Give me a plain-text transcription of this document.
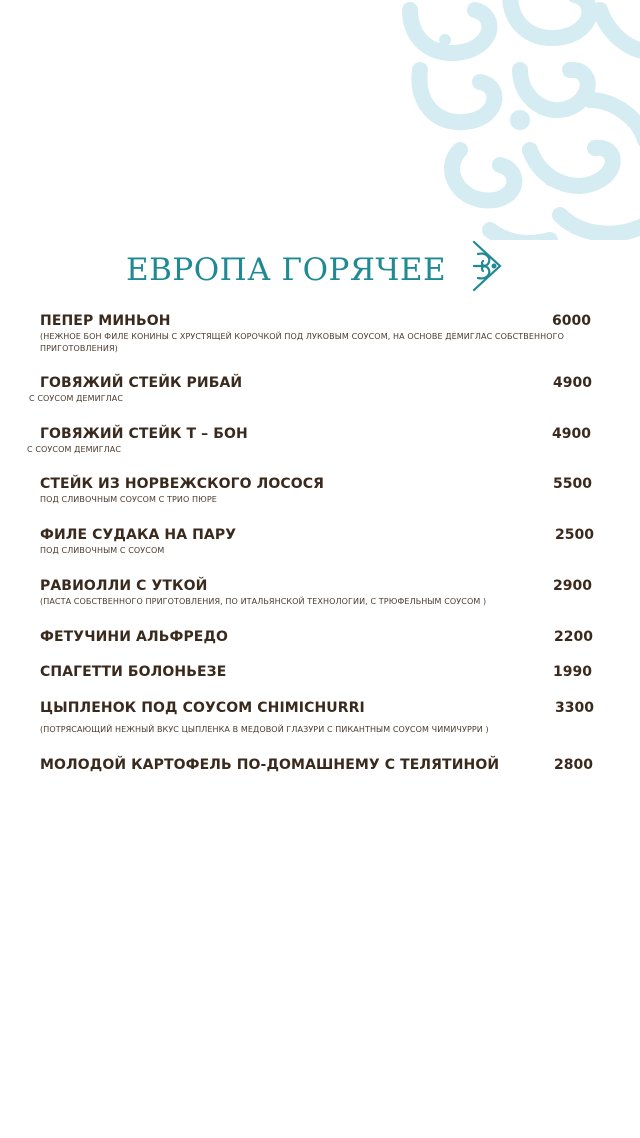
ЕВРОПА ГОРЯЧЕЕ
ПЕПЕР МИНЬОН	6000
(НЕЖНОЕ БОН ФИЛЕ КОНИНЫ С ХРУСТЯЩЕЙ КОРОЧКОЙ ПОД ЛУКОВЫМ СОУСОМ, НА ОСНОВЕ ДЕМИГЛАС СОБСТВЕННОГО ПРИГОТОВЛЕНИЯ)
ГОВЯЖИЙ СТЕЙК РИБАЙ	4900
С СОУСОМ ДЕМИГЛАС
ГОВЯЖИЙ СТЕЙК Т – БОН	4900
С СОУСОМ ДЕМИГЛАС
СТЕЙК ИЗ НОРВЕЖСКОГО ЛОСОСЯ	5500
ПОД СЛИВОЧНЫМ СОУСОМ С ТРИО ПЮРЕ
ФИЛЕ СУДАКА НА ПАРУ	2500
ПОД СЛИВОЧНЫМ С СОУСОМ
РАВИОЛЛИ С УТКОЙ	2900
(ПАСТА СОБСТВЕННОГО ПРИГОТОВЛЕНИЯ, ПО ИТАЛЬЯНСКОЙ ТЕХНОЛОГИИ, С ТРЮФЕЛЬНЫМ СОУСОМ )
ФЕТУЧИНИ АЛЬФРЕДО	2200
СПАГЕТТИ БОЛОНЬЕЗЕ	1990
ЦЫПЛЕНОК ПОД СОУСОМ CHIMICHURRI	3300
(ПОТРЯСАЮЩИЙ НЕЖНЫЙ ВКУС ЦЫПЛЕНКА В МЕДОВОЙ ГЛАЗУРИ С ПИКАНТНЫМ СОУСОМ ЧИМИЧУРРИ )
МОЛОДОЙ КАРТОФЕЛЬ ПО-ДОМАШНЕМУ С ТЕЛЯТИНОЙ	2800
